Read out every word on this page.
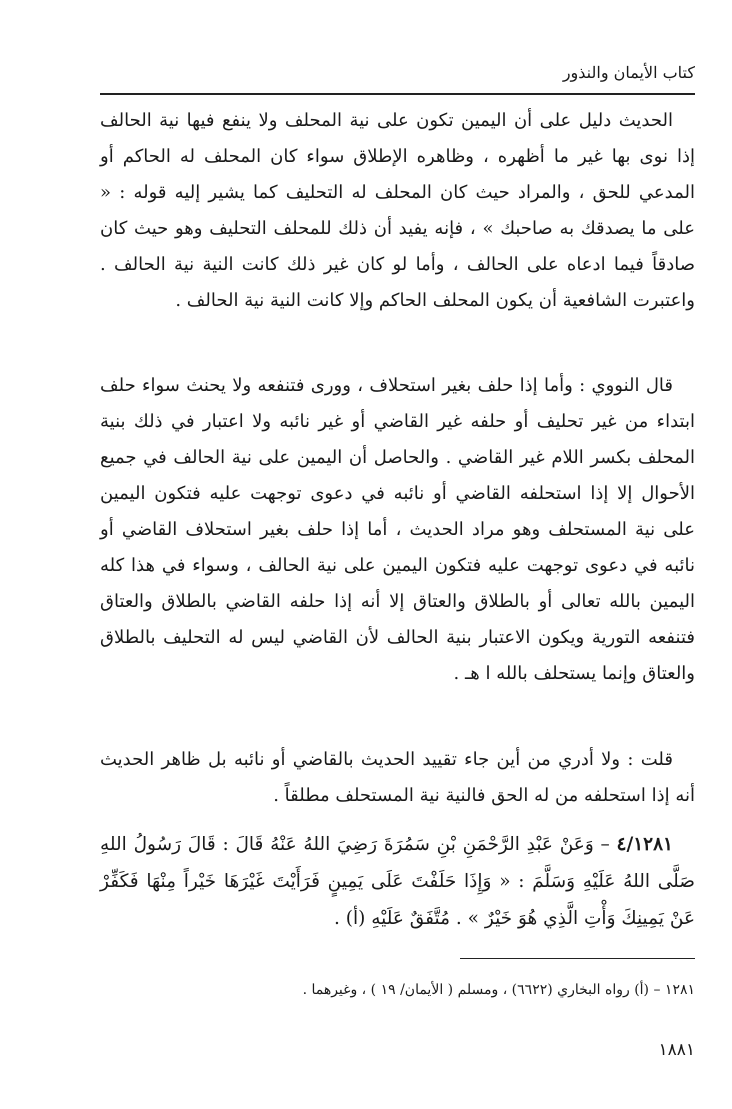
كتاب الأيمان والنذور

الحديث دليل على أن اليمين تكون على نية المحلف ولا ينفع فيها نية الحالف إذا نوى بها غير ما أظهره ، وظاهره الإطلاق سواء كان المحلف له الحاكم أو المدعي للحق ، والمراد حيث كان المحلف له التحليف كما يشير إليه قوله : « على ما يصدقك به صاحبك » ، فإنه يفيد أن ذلك للمحلف التحليف وهو حيث كان صادقاً فيما ادعاه على الحالف ، وأما لو كان غير ذلك كانت النية نية الحالف . واعتبرت الشافعية أن يكون المحلف الحاكم وإلا كانت النية نية الحالف .

قال النووي : وأما إذا حلف بغير استحلاف ، وورى فتنفعه ولا يحنث سواء حلف ابتداء من غير تحليف أو حلفه غير القاضي أو غير نائبه ولا اعتبار في ذلك بنية المحلف بكسر اللام غير القاضي . والحاصل أن اليمين على نية الحالف في جميع الأحوال إلا إذا استحلفه القاضي أو نائبه في دعوى توجهت عليه فتكون اليمين على نية المستحلف وهو مراد الحديث ، أما إذا حلف بغير استحلاف القاضي أو نائبه في دعوى توجهت عليه فتكون اليمين على نية الحالف ، وسواء في هذا كله اليمين بالله تعالى أو بالطلاق والعتاق إلا أنه إذا حلفه القاضي بالطلاق والعتاق فتنفعه التورية ويكون الاعتبار بنية الحالف لأن القاضي ليس له التحليف بالطلاق والعتاق وإنما يستحلف بالله ا هـ .

قلت : ولا أدري من أين جاء تقييد الحديث بالقاضي أو نائبه بل ظاهر الحديث أنه إذا استحلفه من له الحق فالنية نية المستحلف مطلقاً .

٤/١٢٨١ – وَعَنْ عَبْدِ الرَّحْمَنِ بْنِ سَمُرَةَ رَضِيَ اللهُ عَنْهُ قَالَ : قَالَ رَسُولُ اللهِ صَلَّى اللهُ عَلَيْهِ وَسَلَّمَ : « وَإِذَا حَلَفْتَ عَلَى يَمِينٍ فَرَأَيْتَ غَيْرَهَا خَيْراً مِنْهَا فَكَفِّرْ عَنْ يَمِينِكَ وَأْتِ الَّذِي هُوَ خَيْرٌ » . مُتَّفَقٌ عَلَيْهِ (أ) .

١٢٨١ – (أ) رواه البخاري (٦٦٢٢) ، ومسلم ( الأيمان/ ١٩ ) ، وغيرهما .
١٨٨١
